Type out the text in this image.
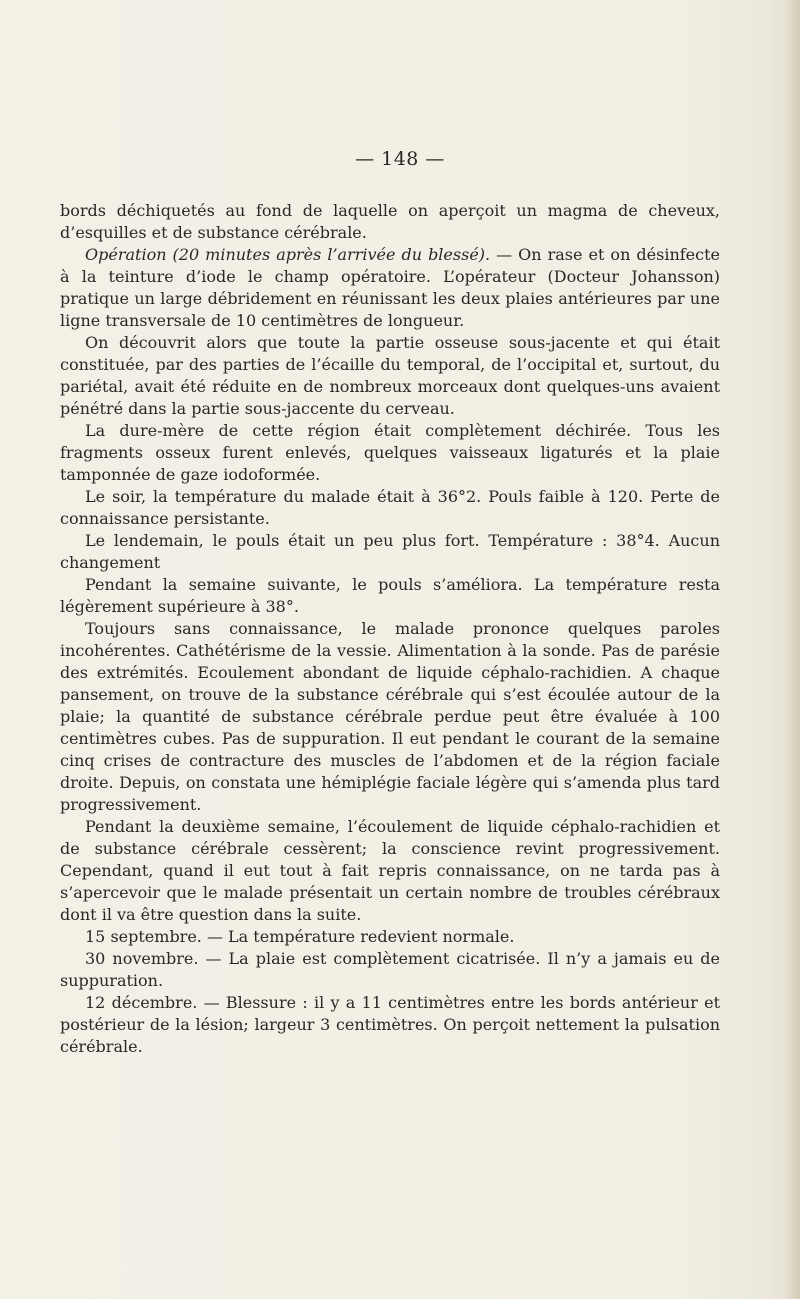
— 148 —

bords déchiquetés au fond de laquelle on aperçoit un magma de cheveux, d’esquilles et de substance cérébrale.

Opération (20 minutes après l’arrivée du blessé). — On rase et on désinfecte à la teinture d’iode le champ opératoire. L’opérateur (Docteur Johansson) pratique un large débridement en réunissant les deux plaies antérieures par une ligne transversale de 10 centimètres de longueur.

On découvrit alors que toute la partie osseuse sous-jacente et qui était constituée, par des parties de l’écaille du temporal, de l’occipital et, surtout, du pariétal, avait été réduite en de nombreux morceaux dont quelques-uns avaient pénétré dans la partie sous-jaccente du cerveau.

La dure-mère de cette région était complètement déchirée. Tous les fragments osseux furent enlevés, quelques vaisseaux ligaturés et la plaie tamponnée de gaze iodoformée.

Le soir, la température du malade était à 36°2. Pouls faible à 120. Perte de connaissance persistante.

Le lendemain, le pouls était un peu plus fort. Température : 38°4. Aucun changement

Pendant la semaine suivante, le pouls s’améliora. La température resta légèrement supérieure à 38°.

Toujours sans connaissance, le malade prononce quelques paroles incohérentes. Cathétérisme de la vessie. Alimentation à la sonde. Pas de parésie des extrémités. Ecoulement abondant de liquide céphalo-rachidien. A chaque pansement, on trouve de la substance cérébrale qui s’est écoulée autour de la plaie; la quantité de substance cérébrale perdue peut être évaluée à 100 centimètres cubes. Pas de suppuration. Il eut pendant le courant de la semaine cinq crises de contracture des muscles de l’abdomen et de la région faciale droite. Depuis, on constata une hémiplégie faciale légère qui s’amenda plus tard progressivement.

Pendant la deuxième semaine, l’écoulement de liquide céphalo-rachidien et de substance cérébrale cessèrent; la conscience revint progressivement. Cependant, quand il eut tout à fait repris connaissance, on ne tarda pas à s’apercevoir que le malade présentait un certain nombre de troubles cérébraux dont il va être question dans la suite.

15 septembre. — La température redevient normale.

30 novembre. — La plaie est complètement cicatrisée. Il n’y a jamais eu de suppuration.

12 décembre. — Blessure : il y a 11 centimètres entre les bords antérieur et postérieur de la lésion; largeur 3 centimètres. On perçoit nettement la pulsation cérébrale.
